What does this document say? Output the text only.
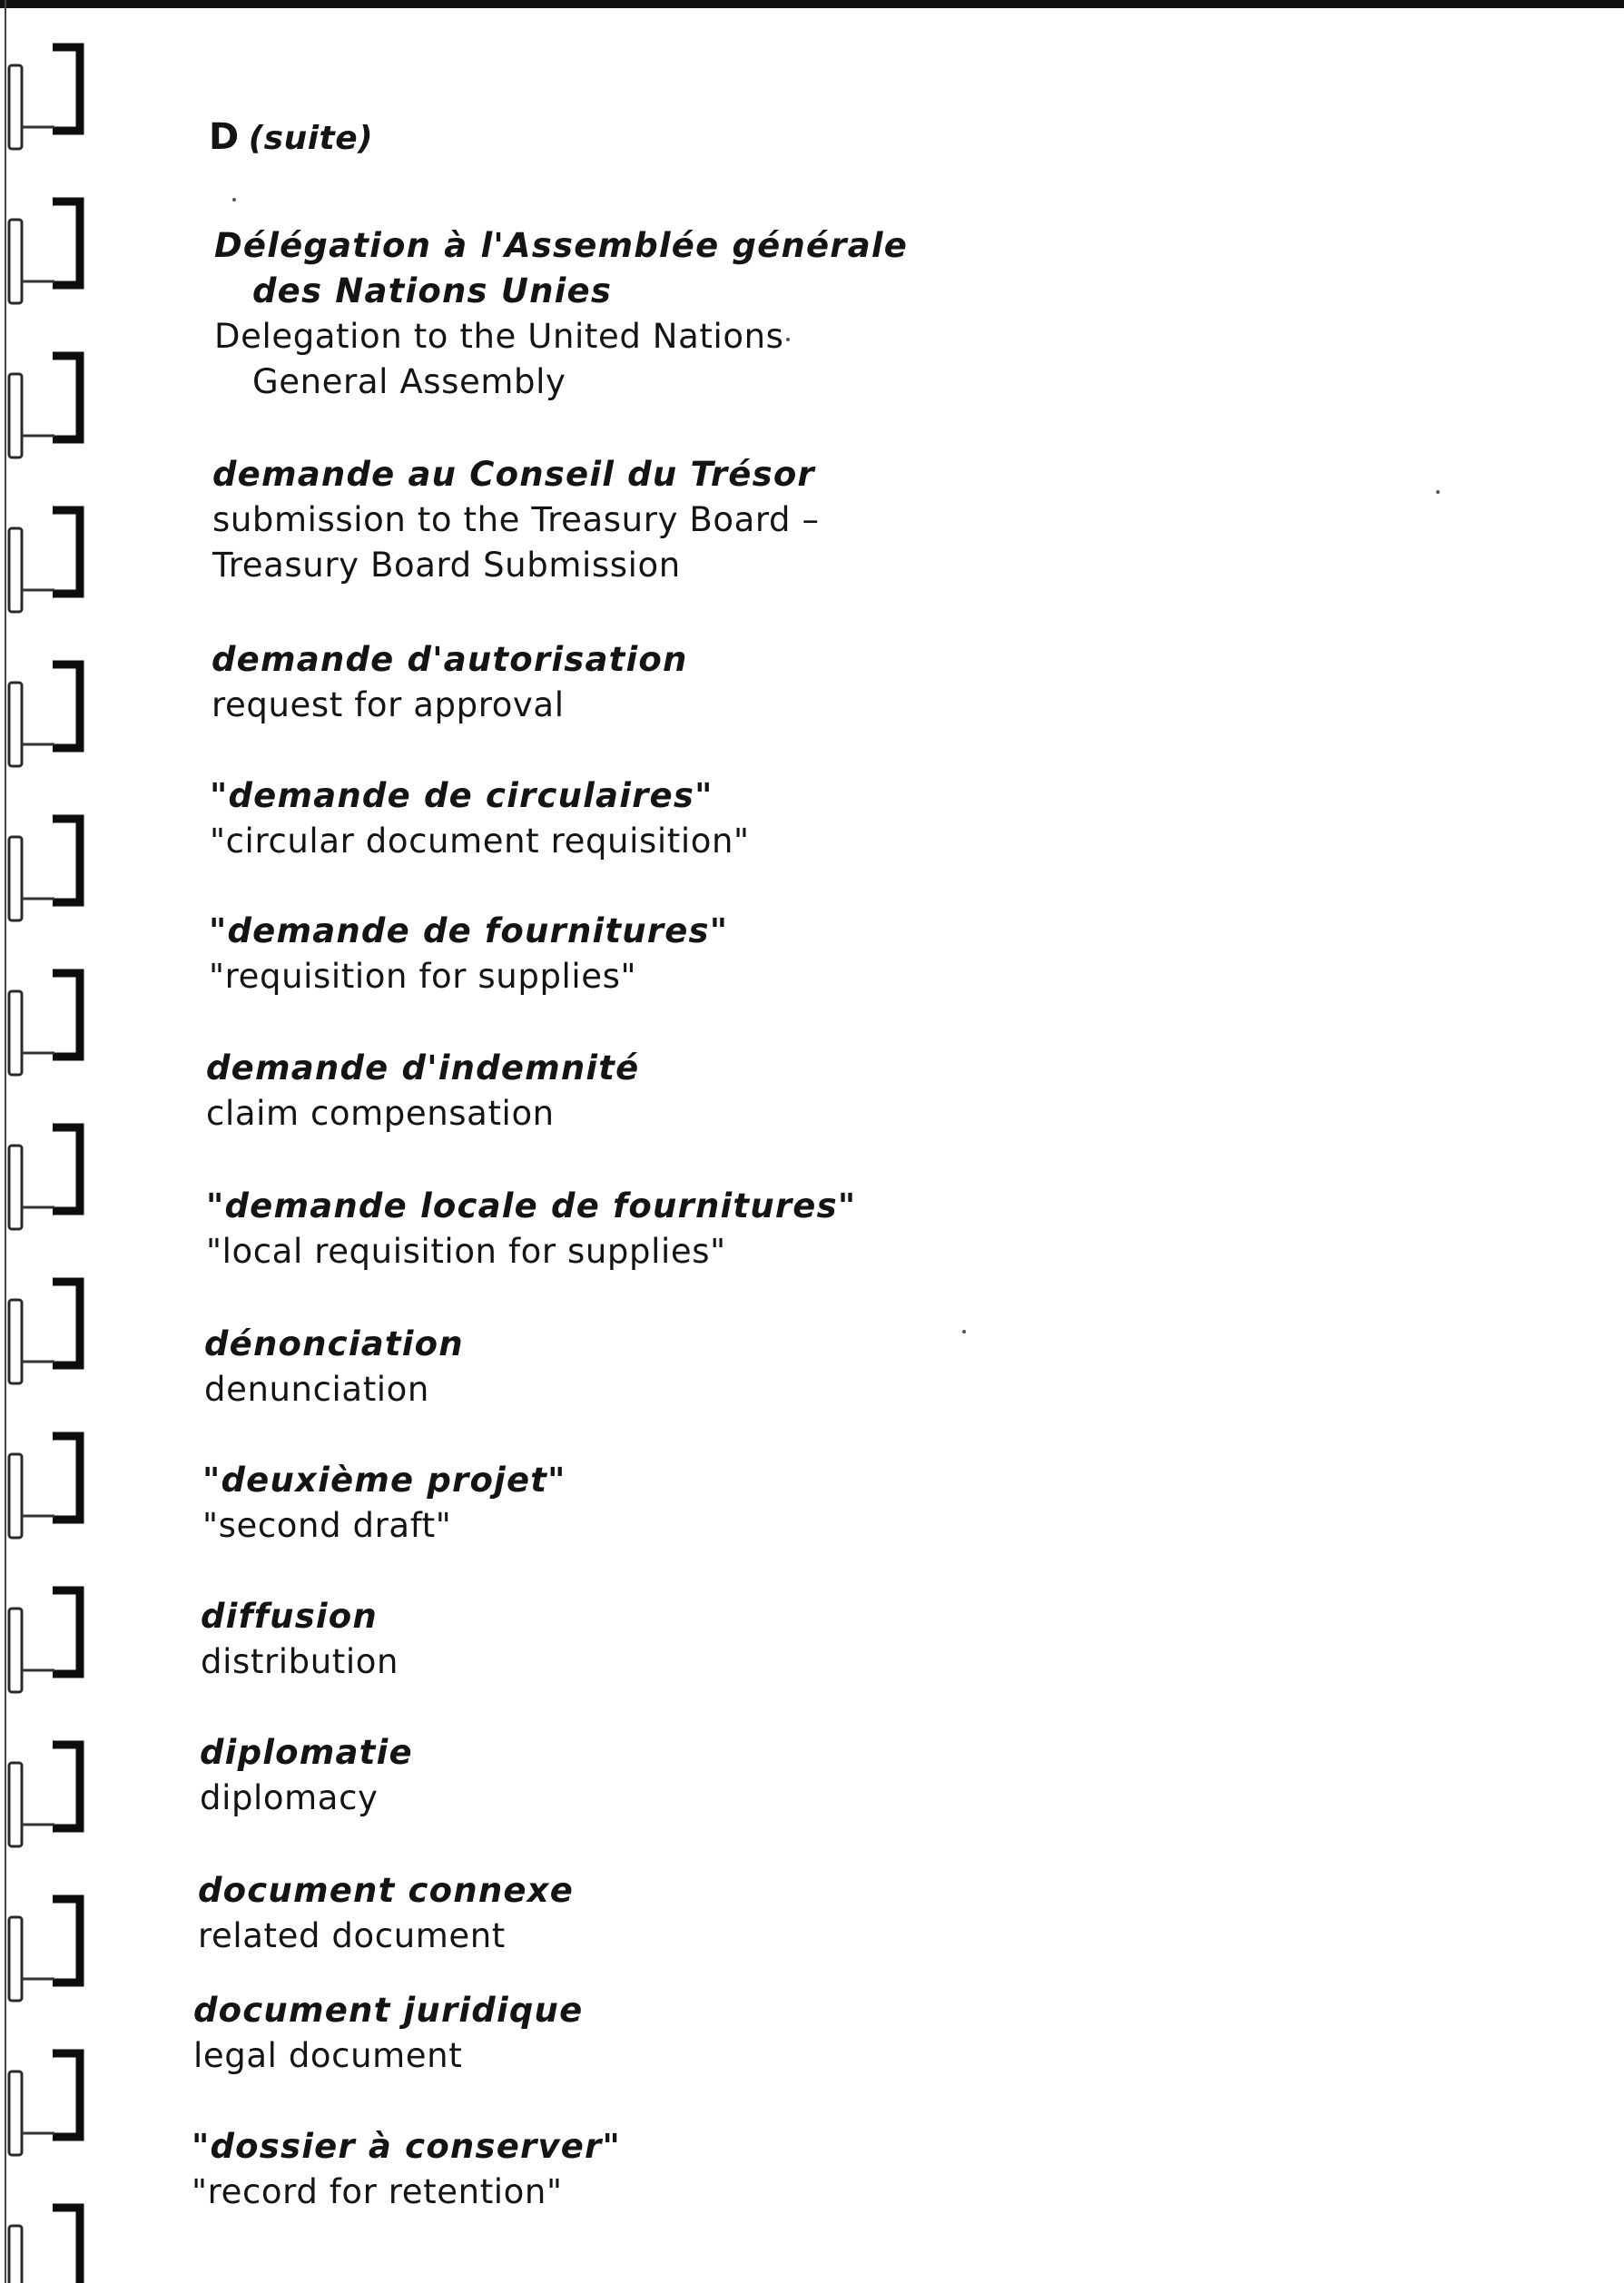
D (suite)
Délégation à l'Assemblée générale
des Nations Unies
Delegation to the United Nations
General Assembly
demande au Conseil du Trésor
submission to the Treasury Board –
Treasury Board Submission
demande d'autorisation
request for approval
"demande de circulaires"
"circular document requisition"
"demande de fournitures"
"requisition for supplies"
demande d'indemnité
claim compensation
"demande locale de fournitures"
"local requisition for supplies"
dénonciation
denunciation
"deuxième projet"
"second draft"
diffusion
distribution
diplomatie
diplomacy
document connexe
related document
document juridique
legal document
"dossier à conserver"
"record for retention"
